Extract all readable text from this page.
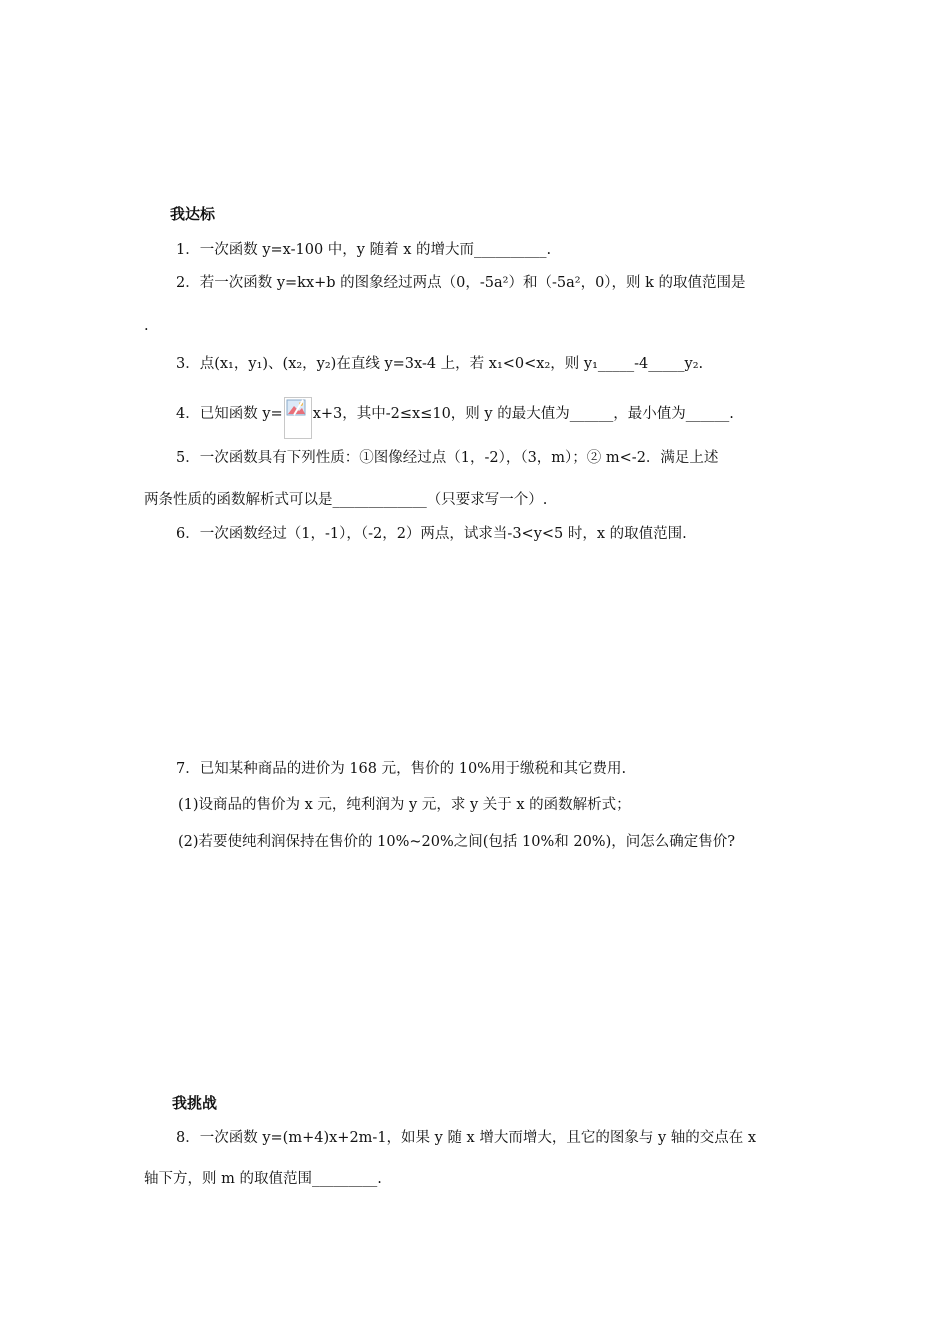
我达标
1．一次函数 y=x-100 中，y 随着 x 的增大而__________.
2．若一次函数 y=kx+b 的图象经过两点（0，-5a²）和（-5a²，0），则 k 的取值范围是
.
3．点(x₁，y₁)、(x₂，y₂)在直线 y=3x-4 上，若 x₁<0<x₂，则 y₁_____-4_____y₂.
4．已知函数 y= x+3，其中-2≤x≤10，则 y 的最大值为______，最小值为______.
5．一次函数具有下列性质：①图像经过点（1，-2），（3，m）；② m<-2．满足上述
两条性质的函数解析式可以是_____________（只要求写一个）.
6．一次函数经过（1，-1），（-2，2）两点，试求当-3<y<5 时，x 的取值范围.
7．已知某种商品的进价为 168 元，售价的 10%用于缴税和其它费用.
(1)设商品的售价为 x 元，纯利润为 y 元，求 y 关于 x 的函数解析式；
(2)若要使纯利润保持在售价的 10%~20%之间(包括 10%和 20%)，问怎么确定售价?
我挑战
8．一次函数 y=(m+4)x+2m-1，如果 y 随 x 增大而增大，且它的图象与 y 轴的交点在 x
轴下方，则 m 的取值范围_________.
